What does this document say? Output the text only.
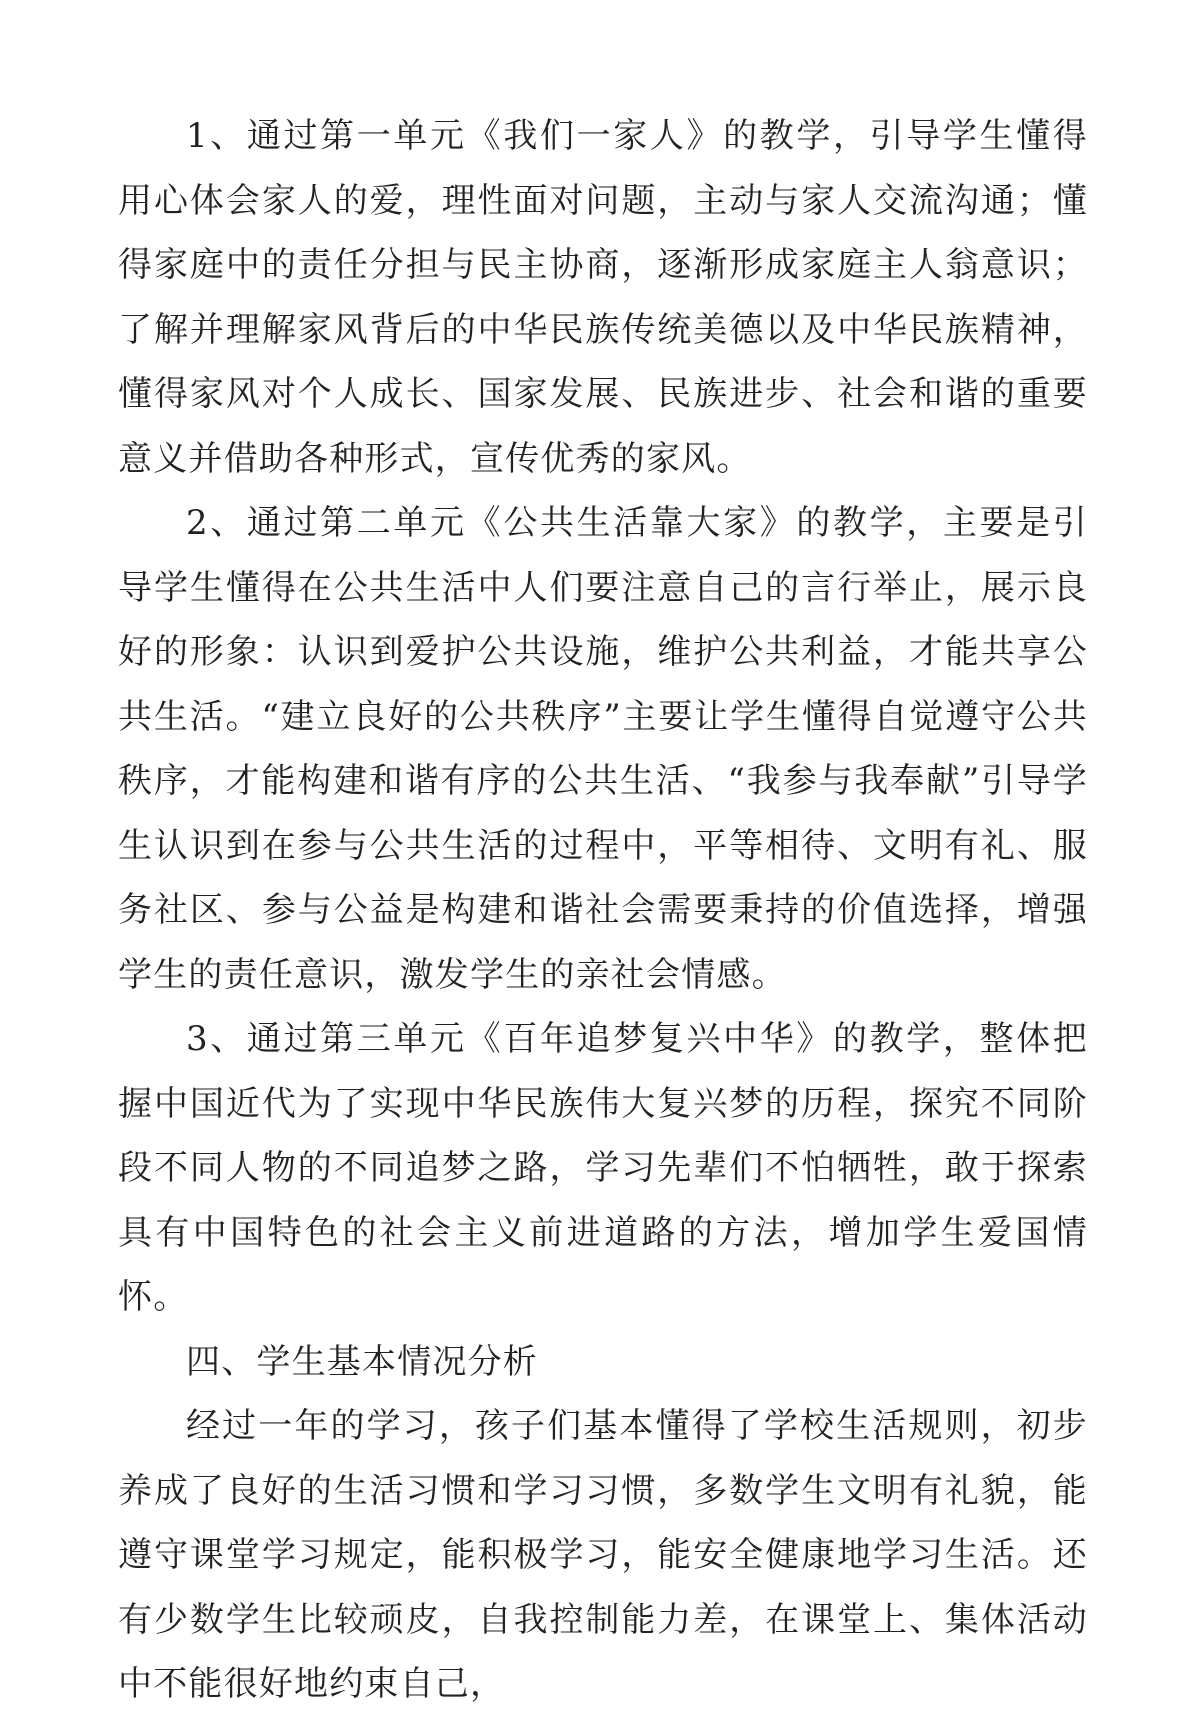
1、通过第一单元《我们一家人》的教学，引导学生懂得用心体会家人的爱，理性面对问题，主动与家人交流沟通；懂得家庭中的责任分担与民主协商，逐渐形成家庭主人翁意识；了解并理解家风背后的中华民族传统美德以及中华民族精神，懂得家风对个人成长、国家发展、民族进步、社会和谐的重要意义并借助各种形式，宣传优秀的家风。

2、通过第二单元《公共生活靠大家》的教学，主要是引导学生懂得在公共生活中人们要注意自己的言行举止，展示良好的形象：认识到爱护公共设施，维护公共利益，才能共享公共生活。“建立良好的公共秩序”主要让学生懂得自觉遵守公共秩序，才能构建和谐有序的公共生活、“我参与我奉献”引导学生认识到在参与公共生活的过程中，平等相待、文明有礼、服务社区、参与公益是构建和谐社会需要秉持的价值选择，增强学生的责任意识，激发学生的亲社会情感。

3、通过第三单元《百年追梦复兴中华》的教学，整体把握中国近代为了实现中华民族伟大复兴梦的历程，探究不同阶段不同人物的不同追梦之路，学习先辈们不怕牺牲，敢于探索具有中国特色的社会主义前进道路的方法，增加学生爱国情怀。

四、学生基本情况分析

经过一年的学习，孩子们基本懂得了学校生活规则，初步养成了良好的生活习惯和学习习惯，多数学生文明有礼貌，能遵守课堂学习规定，能积极学习，能安全健康地学习生活。还有少数学生比较顽皮，自我控制能力差，在课堂上、集体活动中不能很好地约束自己，
